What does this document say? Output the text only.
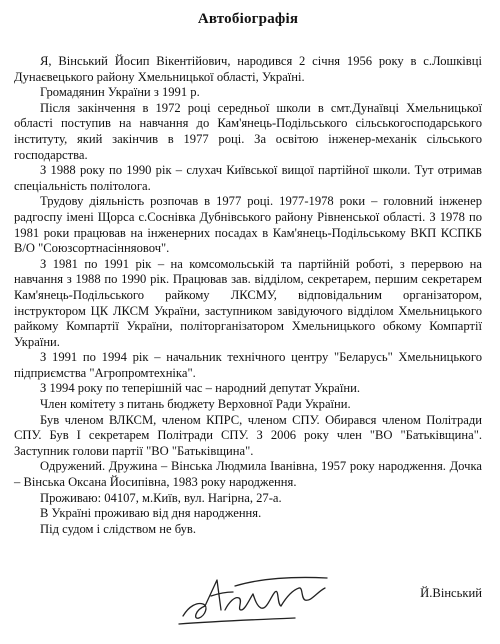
Автобіографія

Я, Вінський Йосип Вікентійович, народився 2 січня 1956 року в с.Лошківці Дунаєвецького району Хмельницької області, Україні.

Громадянин України з 1991 р.

Після закінчення в 1972 році середньої школи в смт.Дунаївці Хмельницької області поступив на навчання до Кам'янець-Подільського сільськогосподарського інституту, який закінчив в 1977 році. За освітою інженер-механік сільського господарства.

З 1988 року по 1990 рік – слухач Київської вищої партійної школи. Тут отримав спеціальність політолога.

Трудову діяльність розпочав в 1977 році. 1977-1978 роки – головний інженер радгоспу імені Щорса с.Соснівка Дубнівського району Рівненської області. З 1978 по 1981 роки працював на інженерних посадах в Кам'янець-Подільському ВКП КСПКБ В/О "Союзсортнасінняовоч".

З 1981 по 1991 рік – на комсомольській та партійній роботі, з перервою на навчання з 1988 по 1990 рік. Працював зав. відділом, секретарем, першим секретарем Кам'янець-Подільського райкому ЛКСМУ, відповідальним організатором, інструктором ЦК ЛКСМ України, заступником завідуючого відділом Хмельницького райкому Компартії України, політорганізатором Хмельницького обкому Компартії України.

З 1991 по 1994 рік – начальник технічного центру "Беларусь" Хмельницького підприємства "Агропромтехніка".

З 1994 року по теперішній час – народний депутат України.

Член комітету з питань бюджету Верховної Ради України.

Був членом ВЛКСМ, членом КПРС, членом СПУ. Обирався членом Політради СПУ. Був І секретарем Політради СПУ. З 2006 року член "ВО "Батьківщина". Заступник голови партії "ВО "Батьківщина".

Одружений. Дружина – Вінська Людмила Іванівна, 1957 року народження. Дочка – Вінська Оксана Йосипівна, 1983 року народження.

Проживаю: 04107, м.Київ, вул. Нагірна, 27-а.

В Україні проживаю від дня народження.

Під судом і слідством не був.

Й.Вінський
